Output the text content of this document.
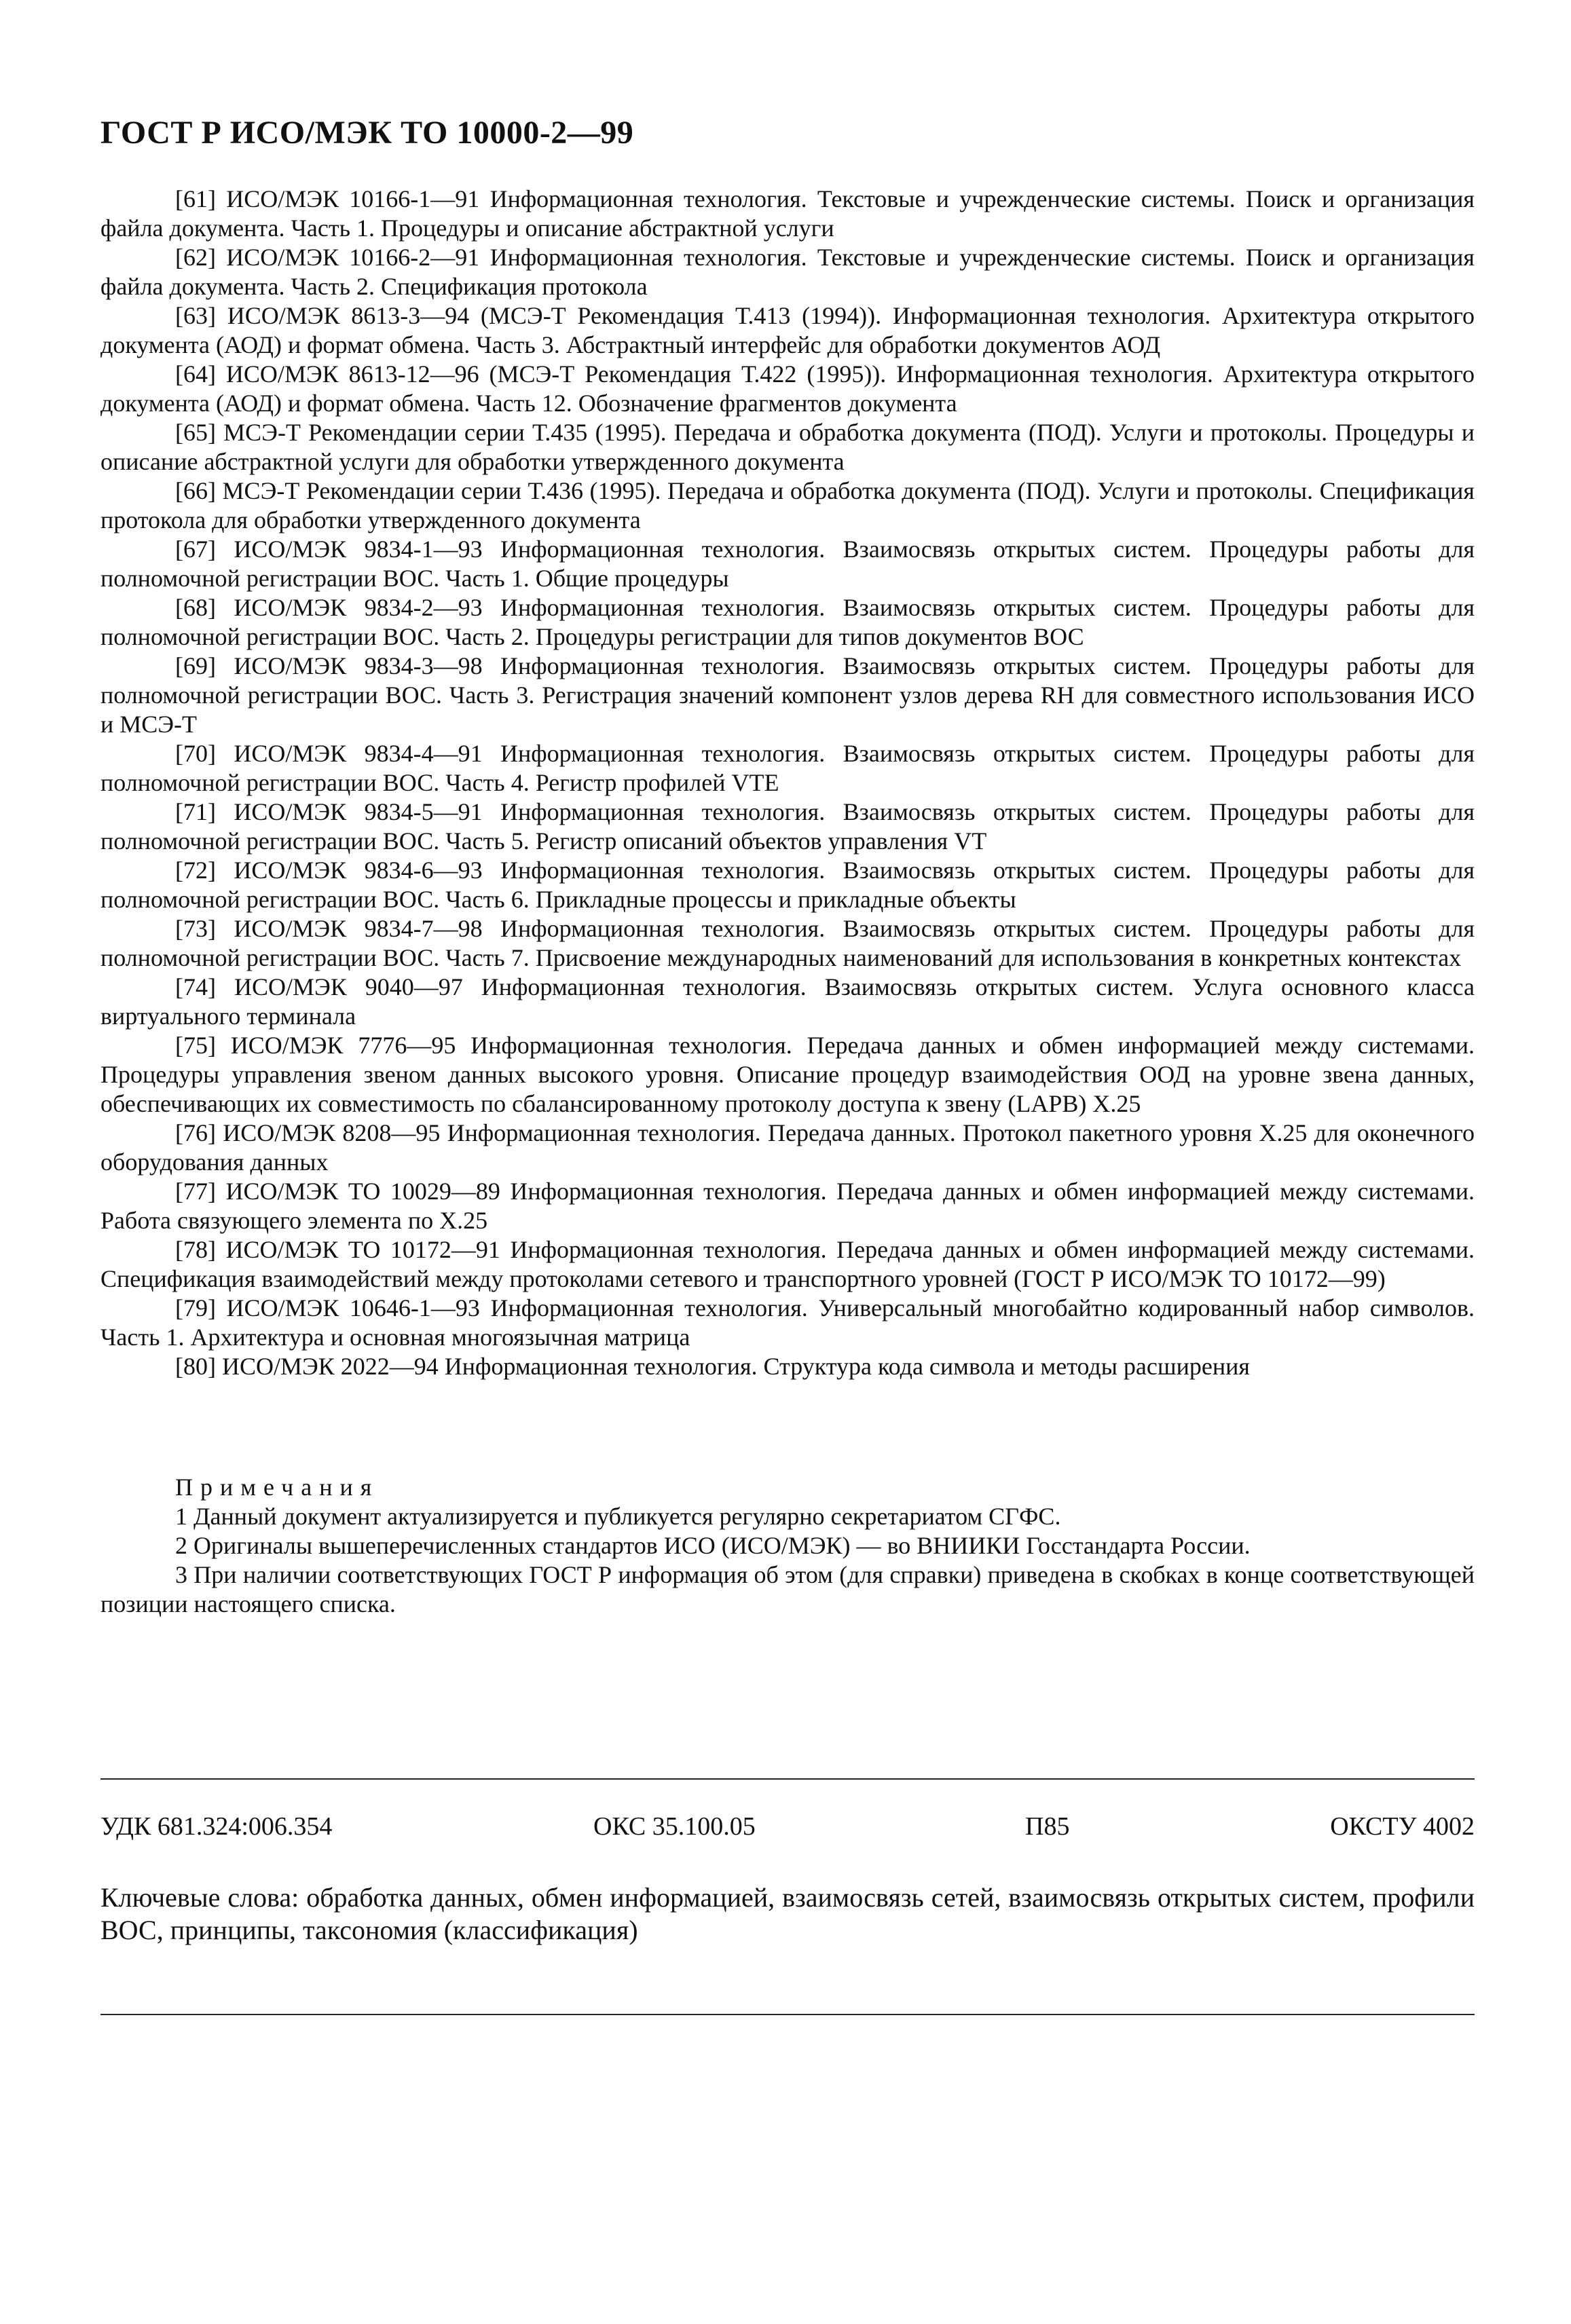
ГОСТ Р ИСО/МЭК ТО 10000-2—99

[61] ИСО/МЭК 10166-1—91 Информационная технология. Текстовые и учрежденческие системы. Поиск и организация файла документа. Часть 1. Процедуры и описание абстрактной услуги

[62] ИСО/МЭК 10166-2—91 Информационная технология. Текстовые и учрежденческие системы. Поиск и организация файла документа. Часть 2. Спецификация протокола

[63] ИСО/МЭК 8613-3—94 (МСЭ-Т Рекомендация Т.413 (1994)). Информационная технология. Архитектура открытого документа (АОД) и формат обмена. Часть 3. Абстрактный интерфейс для обработки документов АОД

[64] ИСО/МЭК 8613-12—96 (МСЭ-Т Рекомендация Т.422 (1995)). Информационная технология. Архитектура открытого документа (АОД) и формат обмена. Часть 12. Обозначение фрагментов документа

[65] МСЭ-Т Рекомендации серии Т.435 (1995). Передача и обработка документа (ПОД). Услуги и протоколы. Процедуры и описание абстрактной услуги для обработки утвержденного документа

[66] МСЭ-Т Рекомендации серии Т.436 (1995). Передача и обработка документа (ПОД). Услуги и протоколы. Спецификация протокола для обработки утвержденного документа

[67] ИСО/МЭК 9834-1—93 Информационная технология. Взаимосвязь открытых систем. Процедуры работы для полномочной регистрации ВОС. Часть 1. Общие процедуры

[68] ИСО/МЭК 9834-2—93 Информационная технология. Взаимосвязь открытых систем. Процедуры работы для полномочной регистрации ВОС. Часть 2. Процедуры регистрации для типов документов ВОС

[69] ИСО/МЭК 9834-3—98 Информационная технология. Взаимосвязь открытых систем. Процедуры работы для полномочной регистрации ВОС. Часть 3. Регистрация значений компонент узлов дерева RH для совместного использования ИСО и МСЭ-Т

[70] ИСО/МЭК 9834-4—91 Информационная технология. Взаимосвязь открытых систем. Процедуры работы для полномочной регистрации ВОС. Часть 4. Регистр профилей VTE

[71] ИСО/МЭК 9834-5—91 Информационная технология. Взаимосвязь открытых систем. Процедуры работы для полномочной регистрации ВОС. Часть 5. Регистр описаний объектов управления VT

[72] ИСО/МЭК 9834-6—93 Информационная технология. Взаимосвязь открытых систем. Процедуры работы для полномочной регистрации ВОС. Часть 6. Прикладные процессы и прикладные объекты

[73] ИСО/МЭК 9834-7—98 Информационная технология. Взаимосвязь открытых систем. Процедуры работы для полномочной регистрации ВОС. Часть 7. Присвоение международных наименований для использования в конкретных контекстах

[74] ИСО/МЭК 9040—97 Информационная технология. Взаимосвязь открытых систем. Услуга основного класса виртуального терминала

[75] ИСО/МЭК 7776—95 Информационная технология. Передача данных и обмен информацией между системами. Процедуры управления звеном данных высокого уровня. Описание процедур взаимодействия ООД на уровне звена данных, обеспечивающих их совместимость по сбалансированному протоколу доступа к звену (LAPB) X.25

[76] ИСО/МЭК 8208—95 Информационная технология. Передача данных. Протокол пакетного уровня X.25 для оконечного оборудования данных

[77] ИСО/МЭК ТО 10029—89 Информационная технология. Передача данных и обмен информацией между системами. Работа связующего элемента по X.25

[78] ИСО/МЭК ТО 10172—91 Информационная технология. Передача данных и обмен информацией между системами. Спецификация взаимодействий между протоколами сетевого и транспортного уровней (ГОСТ Р ИСО/МЭК ТО 10172—99)

[79] ИСО/МЭК 10646-1—93 Информационная технология. Универсальный многобайтно кодированный набор символов. Часть 1. Архитектура и основная многоязычная матрица

[80] ИСО/МЭК 2022—94 Информационная технология. Структура кода символа и методы расширения

Примечания

1 Данный документ актуализируется и публикуется регулярно секретариатом СГФС.

2 Оригиналы вышеперечисленных стандартов ИСО (ИСО/МЭК) — во ВНИИКИ Госстандарта России.

3 При наличии соответствующих ГОСТ Р информация об этом (для справки) приведена в скобках в конце соответствующей позиции настоящего списка.

УДК 681.324:006.354	ОКС 35.100.05	П85	ОКСТУ 4002
Ключевые слова: обработка данных, обмен информацией, взаимосвязь сетей, взаимосвязь открытых систем, профили ВОС, принципы, таксономия (классификация)
